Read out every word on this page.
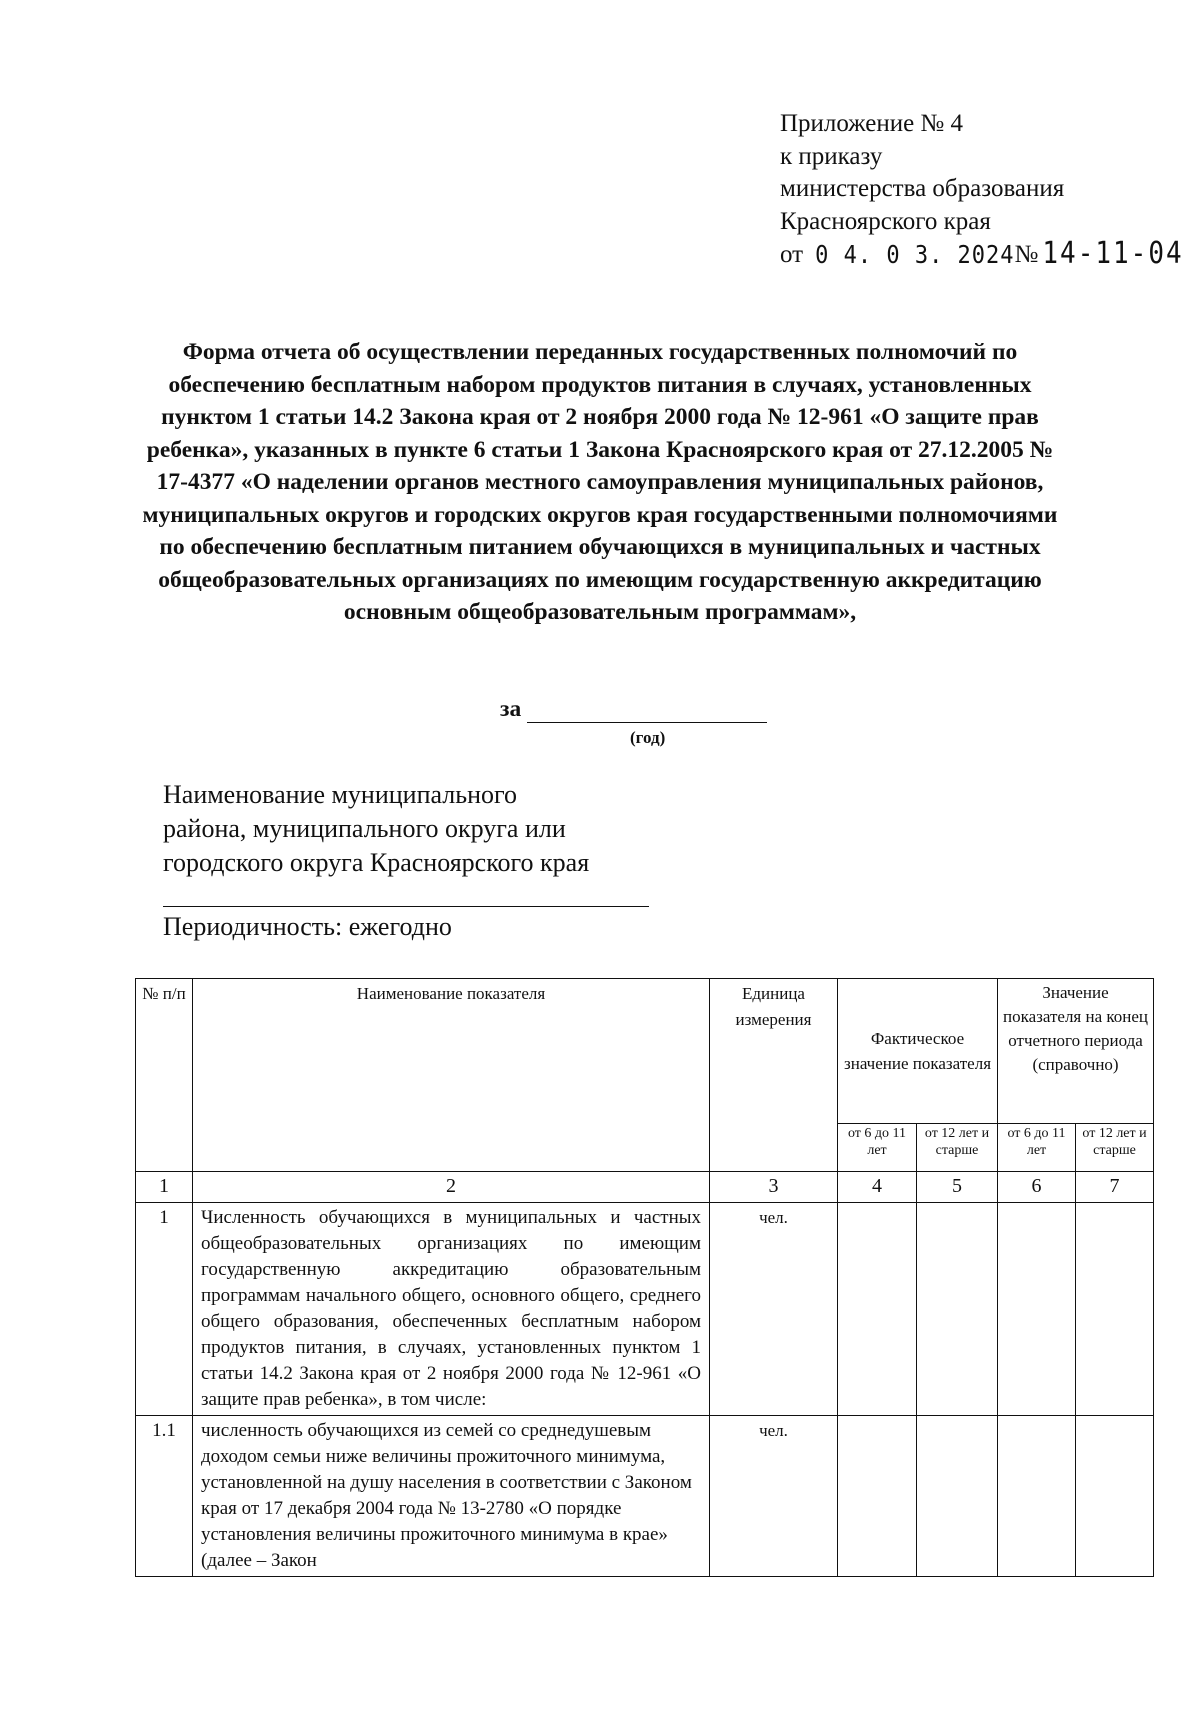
Приложение № 4
к приказу
министерства образования
Красноярского края
от 0 4. 0 3. 2024 № 14-11-04
Форма отчета об осуществлении переданных государственных полномочий по обеспечению бесплатным набором продуктов питания в случаях, установленных пунктом 1 статьи 14.2 Закона края от 2 ноября 2000 года № 12-961 «О защите прав ребенка», указанных в пункте 6 статьи 1 Закона Красноярского края от 27.12.2005 № 17-4377 «О наделении органов местного самоуправления муниципальных районов, муниципальных округов и городских округов края государственными полномочиями по обеспечению бесплатным питанием обучающихся в муниципальных и частных общеобразовательных организациях по имеющим государственную аккредитацию основным общеобразовательным программам»,
за
(год)
Наименование муниципального
района, муниципального округа или
городского округа Красноярского края
Периодичность: ежегодно
№ п/п	Наименование показателя	Единица измерения	Фактическое значение показателя		Значение показателя на конец отчетного периода (справочно)	
			от 6 до 11 лет	от 12 лет и старше	от 6 до 11 лет	от 12 лет и старше
1	2	3	4	5	6	7
1	Численность обучающихся в муниципальных и частных общеобразовательных организациях по имеющим государственную аккредитацию образовательным программам начального общего, основного общего, среднего общего образования, обеспеченных бесплатным набором продуктов питания, в случаях, установленных пунктом 1 статьи 14.2 Закона края от 2 ноября 2000 года № 12-961 «О защите прав ребенка», в том числе:	чел.				
1.1	численность обучающихся из семей со среднедушевым доходом семьи ниже величины прожиточного минимума, установленной на душу населения в соответствии с Законом края от 17 декабря 2004 года № 13-2780 «О порядке установления величины прожиточного минимума в крае» (далее – Закон	чел.				
